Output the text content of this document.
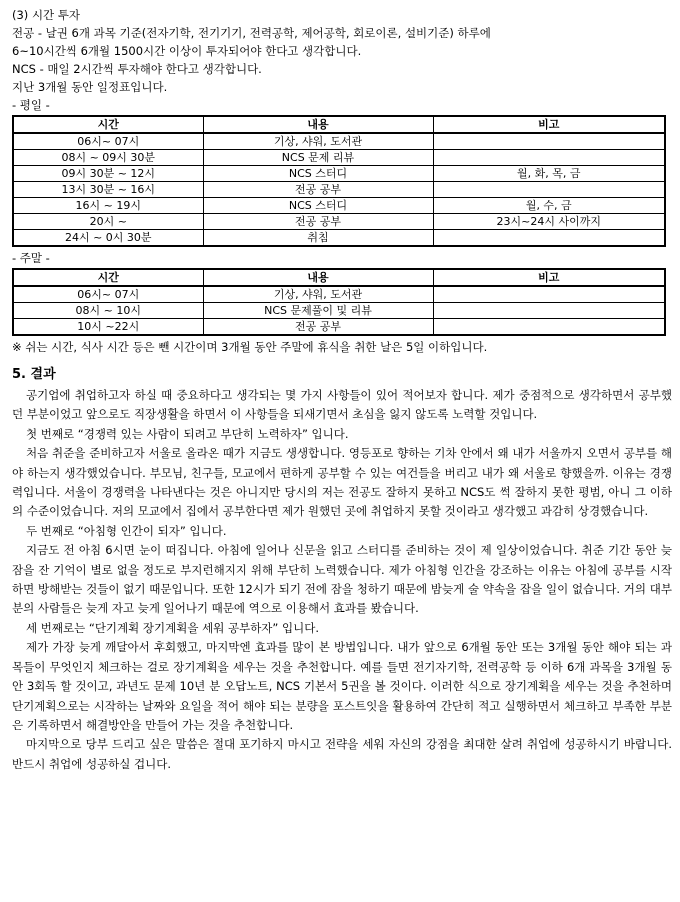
(3) 시간 투자
전공 - 날권 6개 과목 기준(전자기학, 전기기기, 전력공학, 제어공학, 회로이론, 설비기준) 하루에
6~10시간씩 6개월 1500시간 이상이 투자되어야 한다고 생각합니다.
NCS - 매일 2시간씩 투자해야 한다고 생각합니다.
지난 3개월 동안 일정표입니다.
- 평일 -
시간	내용	비고
06시~ 07시	기상, 샤워, 도서관	
08시 ~ 09시 30분	NCS 문제 리뷰	
09시 30분 ~ 12시	NCS 스터디	월, 화, 목, 금
13시 30분 ~ 16시	전공 공부	
16시 ~ 19시	NCS 스터디	월, 수, 금
20시 ~	전공 공부	23시~24시 사이까지
24시 ~ 0시 30분	취침	
- 주말 -
시간	내용	비고
06시~ 07시	기상, 샤워, 도서관	
08시 ~ 10시	NCS 문제풀이 및 리뷰	
10시 ~22시	전공 공부	
※ 쉬는 시간, 식사 시간 등은 뺀 시간이며 3개월 동안 주말에 휴식을 취한 날은 5일 이하입니다.
5. 결과
공기업에 취업하고자 하실 때 중요하다고 생각되는 몇 가지 사항들이 있어 적어보자 합니다. 제가 중점적으로 생각하면서 공부했던 부분이었고 앞으로도 직장생활을 하면서 이 사항들을 되새기면서 초심을 잃지 않도록 노력할 것입니다.
첫 번째로 “경쟁력 있는 사람이 되려고 부단히 노력하자” 입니다.
처음 취준을 준비하고자 서울로 올라온 때가 지금도 생생합니다. 영등포로 향하는 기차 안에서 왜 내가 서울까지 오면서 공부를 해야 하는지 생각했었습니다. 부모님, 친구들, 모교에서 편하게 공부할 수 있는 여건들을 버리고 내가 왜 서울로 향했을까. 이유는 경쟁력입니다. 서울이 경쟁력을 나타낸다는 것은 아니지만 당시의 저는 전공도 잘하지 못하고 NCS도 썩 잘하지 못한 평범, 아니 그 이하의 수준이었습니다. 저의 모교에서 집에서 공부한다면 제가 원했던 곳에 취업하지 못할 것이라고 생각했고 과감히 상경했습니다.
두 번째로 “아침형 인간이 되자” 입니다.
지금도 전 아침 6시면 눈이 떠집니다. 아침에 일어나 신문을 읽고 스터디를 준비하는 것이 제 일상이었습니다. 취준 기간 동안 늦잠을 잔 기억이 별로 없을 정도로 부지런해지지 위해 부단히 노력했습니다. 제가 아침형 인간을 강조하는 이유는 아침에 공부를 시작 하면 방해받는 것들이 없기 때문입니다. 또한 12시가 되기 전에 잠을 청하기 때문에 밤늦게 술 약속을 잡을 일이 없습니다. 거의 대부분의 사람들은 늦게 자고 늦게 일어나기 때문에 역으로 이용해서 효과를 봤습니다.
세 번째로는 “단기계획 장기계획을 세워 공부하자” 입니다.
제가 가장 늦게 깨달아서 후회했고, 마지막엔 효과를 많이 본 방법입니다. 내가 앞으로 6개월 동안 또는 3개월 동안 해야 되는 과목들이 무엇인지 체크하는 걸로 장기계획을 세우는 것을 추천합니다. 예를 들면 전기자기학, 전력공학 등 이하 6개 과목을 3개월 동안 3회독 할 것이고, 과년도 문제 10년 분 오답노트, NCS 기본서 5권을 볼 것이다. 이러한 식으로 장기계획을 세우는 것을 추천하며 단기계획으로는 시작하는 날짜와 요일을 적어 해야 되는 분량을 포스트잇을 활용하여 간단히 적고 실행하면서 체크하고 부족한 부분은 기록하면서 해결방안을 만들어 가는 것을 추천합니다.
마지막으로 당부 드리고 싶은 말씀은 절대 포기하지 마시고 전략을 세워 자신의 강점을 최대한 살려 취업에 성공하시기 바랍니다. 반드시 취업에 성공하실 겁니다.
